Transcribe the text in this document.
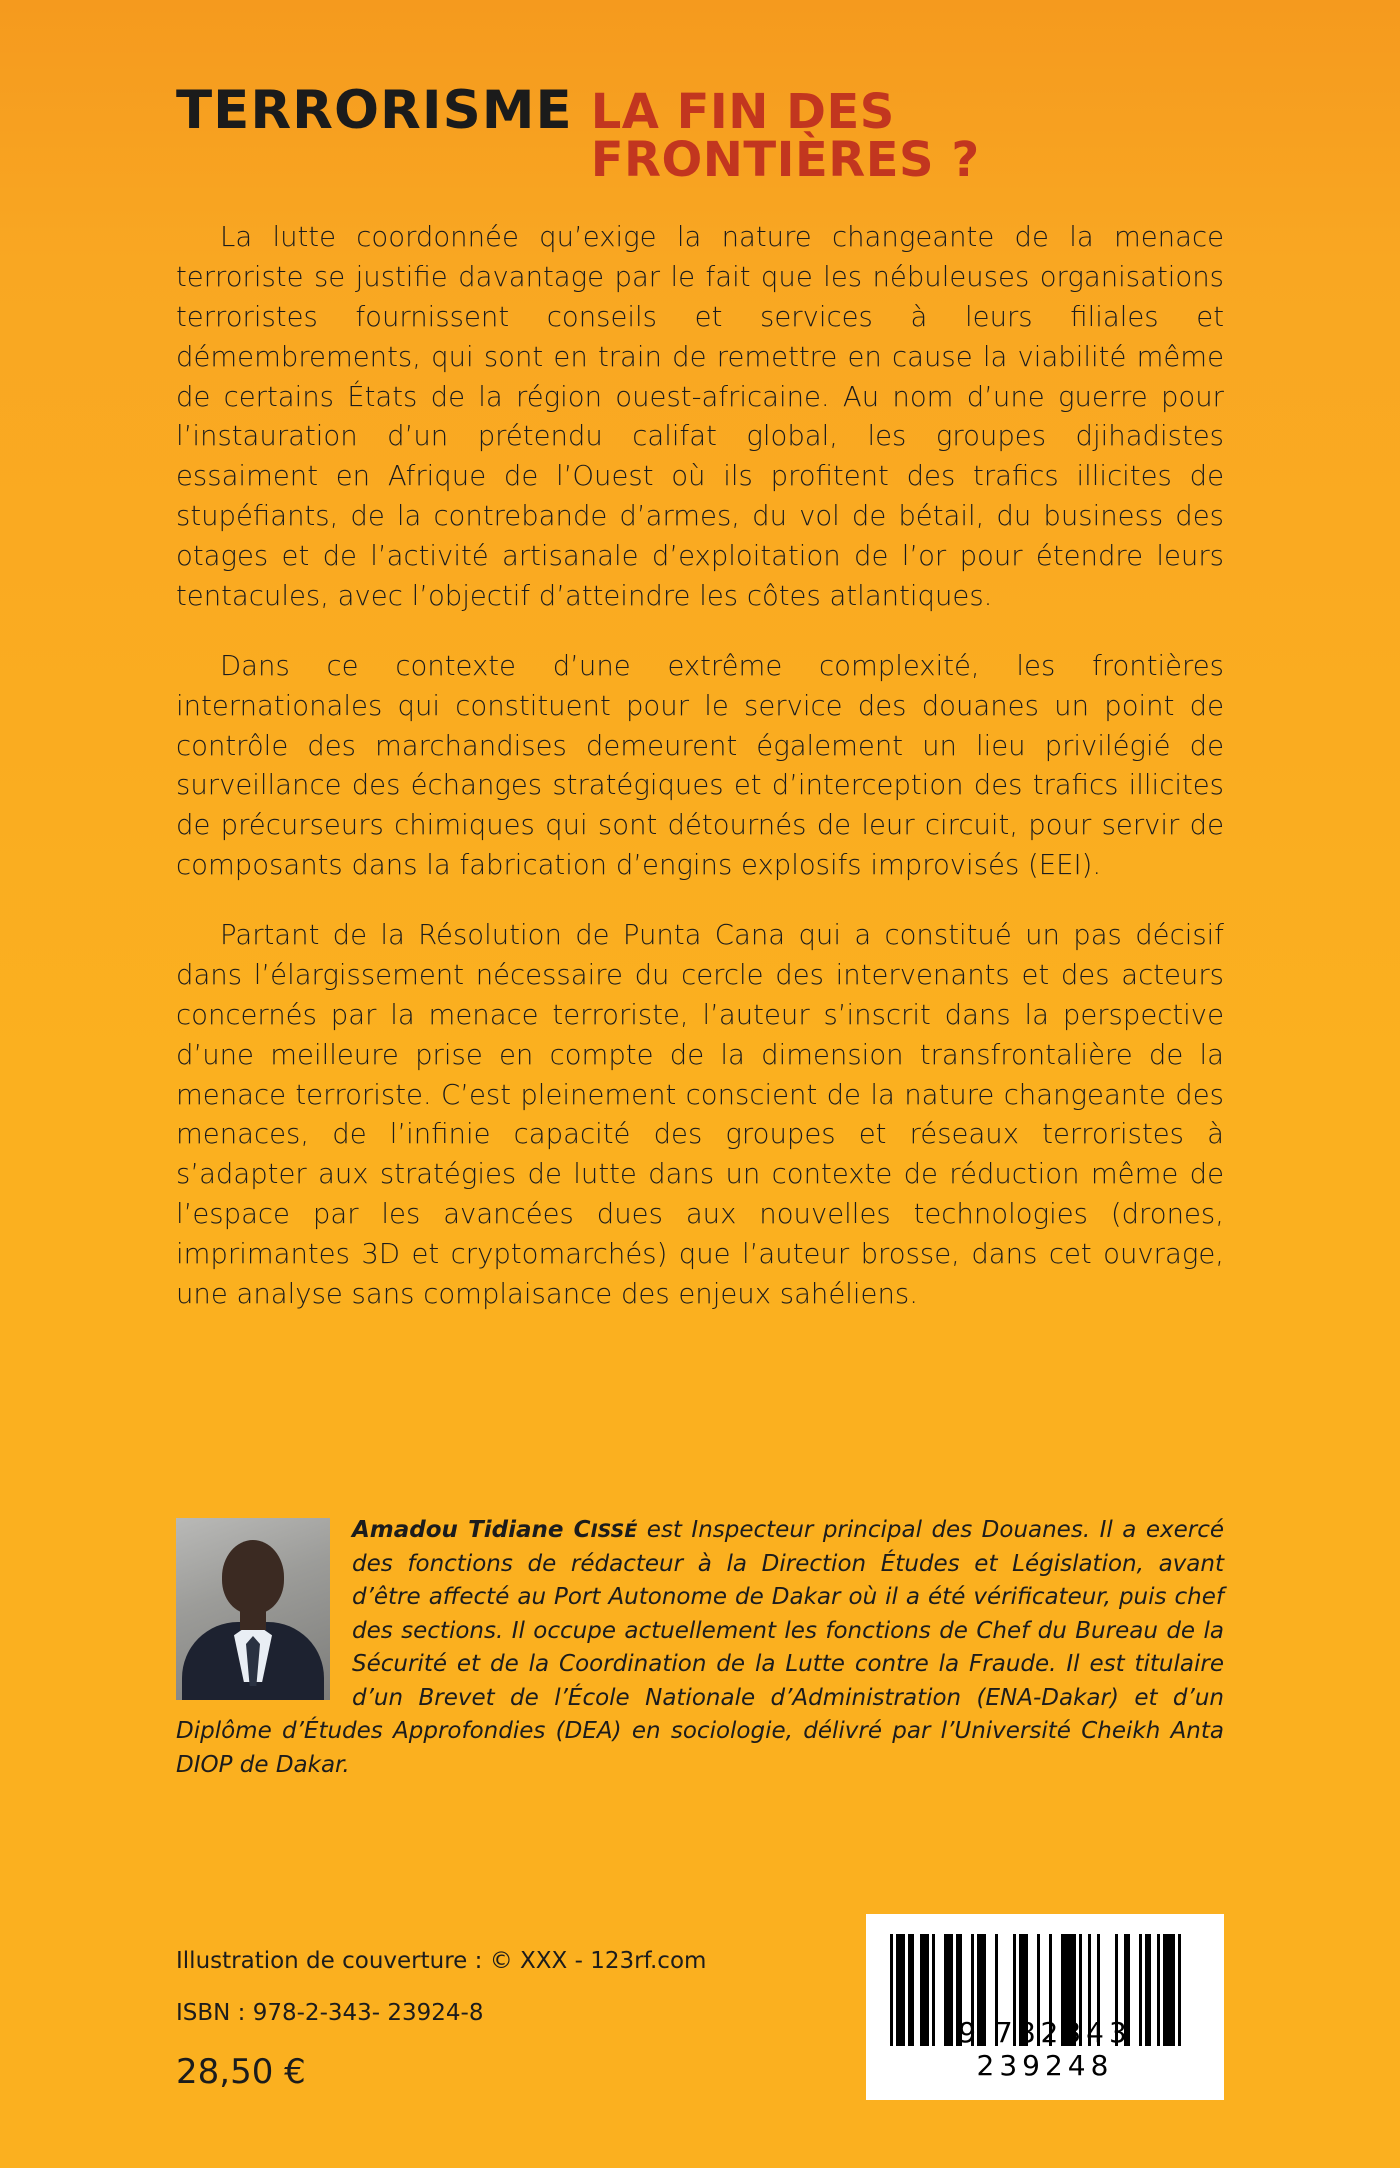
TERRORISME LA FIN DES FRONTIÈRES ?

La lutte coordonnée qu’exige la nature changeante de la menace terroriste se justifie davantage par le fait que les nébuleuses organisations terroristes fournissent conseils et services à leurs filiales et démembrements, qui sont en train de remettre en cause la viabilité même de certains États de la région ouest-africaine. Au nom d’une guerre pour l’instauration d’un prétendu califat global, les groupes djihadistes essaiment en Afrique de l’Ouest où ils profitent des trafics illicites de stupéfiants, de la contrebande d’armes, du vol de bétail, du business des otages et de l’activité artisanale d’exploitation de l’or pour étendre leurs tentacules, avec l’objectif d’atteindre les côtes atlantiques.

Dans ce contexte d’une extrême complexité, les frontières internationales qui constituent pour le service des douanes un point de contrôle des marchandises demeurent également un lieu privilégié de surveillance des échanges stratégiques et d’interception des trafics illicites de précurseurs chimiques qui sont détournés de leur circuit, pour servir de composants dans la fabrication d’engins explosifs improvisés (EEI).

Partant de la Résolution de Punta Cana qui a constitué un pas décisif dans l’élargissement nécessaire du cercle des intervenants et des acteurs concernés par la menace terroriste, l’auteur s’inscrit dans la perspective d’une meilleure prise en compte de la dimension transfrontalière de la menace terroriste. C’est pleinement conscient de la nature changeante des menaces, de l’infinie capacité des groupes et réseaux terroristes à s’adapter aux stratégies de lutte dans un contexte de réduction même de l’espace par les avancées dues aux nouvelles technologies (drones, imprimantes 3D et cryptomarchés) que l’auteur brosse, dans cet ouvrage, une analyse sans complaisance des enjeux sahéliens.

Amadou Tidiane CISSÉ est Inspecteur principal des Douanes. Il a exercé des fonctions de rédacteur à la Direction Études et Législation, avant d’être affecté au Port Autonome de Dakar où il a été vérificateur, puis chef des sections. Il occupe actuellement les fonctions de Chef du Bureau de la Sécurité et de la Coordination de la Lutte contre la Fraude. Il est titulaire d’un Brevet de l’École Nationale d’Administration (ENA-Dakar) et d’un Diplôme d’Études Approfondies (DEA) en sociologie, délivré par l’Université Cheikh Anta DIOP de Dakar.
Illustration de couverture : © XXX - 123rf.com
ISBN : 978-2-343- 23924-8
28,50 €
9 782343 239248
